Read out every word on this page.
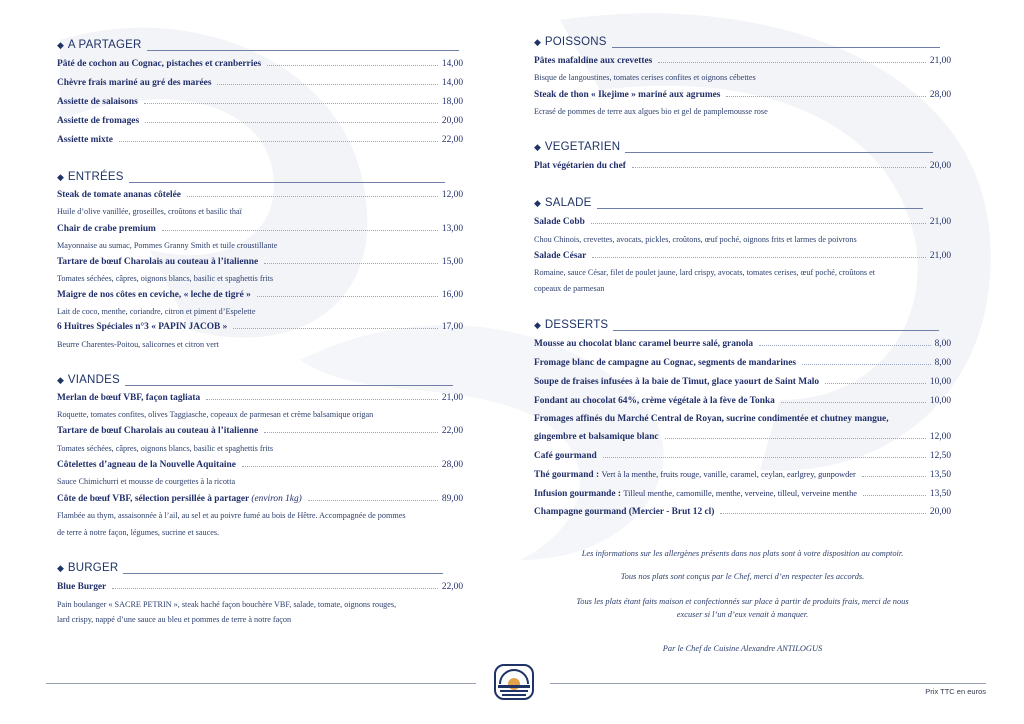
◆ A PARTAGER
Pâté de cochon au Cognac, pistaches et cranberries	14,00
Chèvre frais mariné au gré des marées	14,00
Assiette de salaisons	18,00
Assiette de fromages	20,00
Assiette mixte	22,00
◆ ENTRÉES
Steak de tomate ananas côtelée	12,00
Huile d’olive vanillée, groseilles, croûtons et basilic thaï
Chair de crabe premium	13,00
Mayonnaise au sumac, Pommes Granny Smith et tuile croustillante
Tartare de bœuf Charolais au couteau à l’italienne	15,00
Tomates séchées, câpres, oignons blancs, basilic et spaghettis frits
Maigre de nos côtes en ceviche, « leche de tigré »	16,00
Lait de coco, menthe, coriandre, citron et piment d’Espelette
6 Huîtres Spéciales n°3 « PAPIN JACOB »	17,00
Beurre Charentes-Poitou, salicornes et citron vert
◆ VIANDES
Merlan de bœuf VBF, façon tagliata	21,00
Roquette, tomates confites, olives Taggiasche, copeaux de parmesan et crème balsamique origan
Tartare de bœuf Charolais au couteau à l’italienne	22,00
Tomates séchées, câpres, oignons blancs, basilic et spaghettis frits
Côtelettes d’agneau de la Nouvelle Aquitaine	28,00
Sauce Chimichurri et mousse de courgettes à la ricotta
Côte de bœuf VBF, sélection persillée à partager (environ 1kg)	89,00
Flambée au thym, assaisonnée à l’ail, au sel et au poivre fumé au bois de Hêtre. Accompagnée de pommes
de terre à notre façon, légumes, sucrine et sauces.
◆ BURGER
Blue Burger	22,00
Pain boulanger « SACRE PETRIN », steak haché façon bouchère VBF, salade, tomate, oignons rouges,
lard crispy, nappé d’une sauce au bleu et pommes de terre à notre façon
◆ POISSONS
Pâtes mafaldine aux crevettes	21,00
Bisque de langoustines, tomates cerises confites et oignons cébettes
Steak de thon « Ikejime » mariné aux agrumes	28,00
Ecrasé de pommes de terre aux algues bio et gel de pamplemousse rose
◆ VEGETARIEN
Plat végétarien du chef	20,00
◆ SALADE
Salade Cobb	21,00
Chou Chinois, crevettes, avocats, pickles, croûtons, œuf poché, oignons frits et larmes de poivrons
Salade César	21,00
Romaine, sauce César, filet de poulet jaune, lard crispy, avocats, tomates cerises, œuf poché, croûtons et
copeaux de parmesan
◆ DESSERTS
Mousse au chocolat blanc caramel beurre salé, granola	8,00
Fromage blanc de campagne au Cognac, segments de mandarines	8,00
Soupe de fraises infusées à la baie de Timut, glace yaourt de Saint Malo	10,00
Fondant au chocolat 64%, crème végétale à la fève de Tonka	10,00
Fromages affinés du Marché Central de Royan, sucrine condimentée et chutney mangue,
gingembre et balsamique blanc	12,00
Café gourmand	12,50
Thé gourmand : Vert à la menthe, fruits rouge, vanille, caramel, ceylan, earlgrey, gunpowder	13,50
Infusion gourmande : Tilleul menthe, camomille, menthe, verveine, tilleul, verveine menthe	13,50
Champagne gourmand (Mercier - Brut 12 cl)	20,00
Les informations sur les allergènes présents dans nos plats sont à votre disposition au comptoir.
Tous nos plats sont conçus par le Chef, merci d’en respecter les accords.
Tous les plats étant faits maison et confectionnés sur place à partir de produits frais, merci de nous
excuser si l’un d’eux venait à manquer.
Par le Chef de Cuisine Alexandre ANTILOGUS
Prix TTC en euros
